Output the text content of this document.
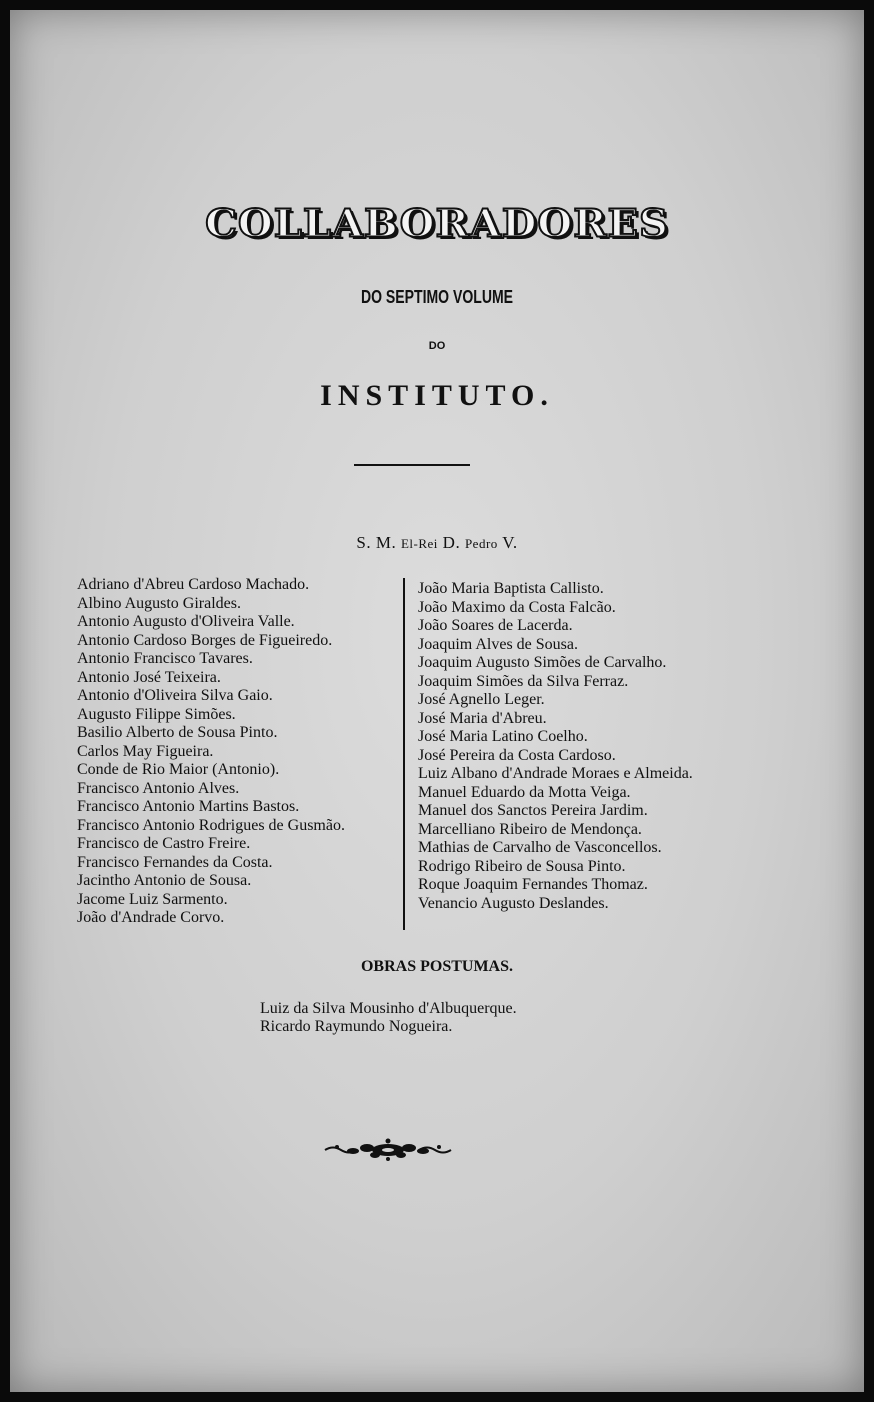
COLLABORADORES
DO SEPTIMO VOLUME
DO
INSTITUTO.
S. M. El-Rei D. Pedro V.
Adriano d'Abreu Cardoso Machado.
Albino Augusto Giraldes.
Antonio Augusto d'Oliveira Valle.
Antonio Cardoso Borges de Figueiredo.
Antonio Francisco Tavares.
Antonio José Teixeira.
Antonio d'Oliveira Silva Gaio.
Augusto Filippe Simões.
Basilio Alberto de Sousa Pinto.
Carlos May Figueira.
Conde de Rio Maior (Antonio).
Francisco Antonio Alves.
Francisco Antonio Martins Bastos.
Francisco Antonio Rodrigues de Gusmão.
Francisco de Castro Freire.
Francisco Fernandes da Costa.
Jacintho Antonio de Sousa.
Jacome Luiz Sarmento.
João d'Andrade Corvo.
João Maria Baptista Callisto.
João Maximo da Costa Falcão.
João Soares de Lacerda.
Joaquim Alves de Sousa.
Joaquim Augusto Simões de Carvalho.
Joaquim Simões da Silva Ferraz.
José Agnello Leger.
José Maria d'Abreu.
José Maria Latino Coelho.
José Pereira da Costa Cardoso.
Luiz Albano d'Andrade Moraes e Almeida.
Manuel Eduardo da Motta Veiga.
Manuel dos Sanctos Pereira Jardim.
Marcelliano Ribeiro de Mendonça.
Mathias de Carvalho de Vasconcellos.
Rodrigo Ribeiro de Sousa Pinto.
Roque Joaquim Fernandes Thomaz.
Venancio Augusto Deslandes.
OBRAS POSTUMAS.
Luiz da Silva Mousinho d'Albuquerque.
Ricardo Raymundo Nogueira.
